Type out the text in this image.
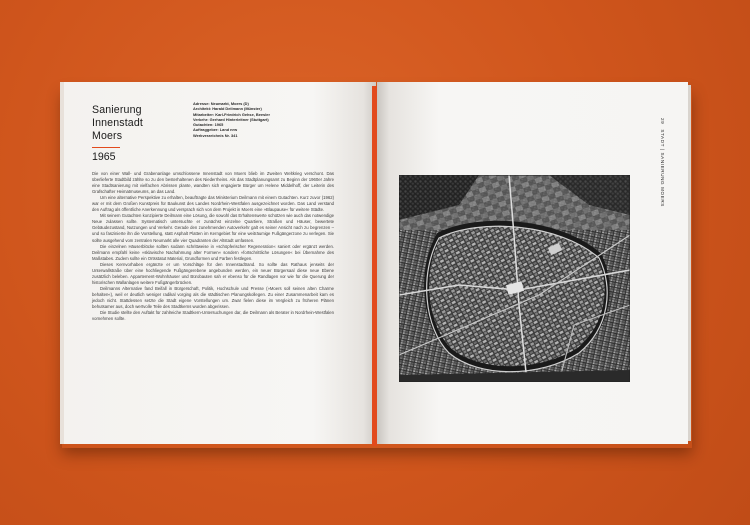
Sanierung
Innenstadt
Moers
1965
Adresse: Neumarkt, Moers (D)
Architekt: Harald Deilmann (Münster)
Mitarbeiter: Karl-Friedrich Gehse, Beesler
Verkehr: Gerhard Hinterleitner (Stuttgart)
Gutachten: 1965
Auftraggeber: Land nrw
Werkverzeichnis Nr. 341

Die von einer Wall- und Grabenanlage umschlossene Innenstadt von Moers blieb im Zweiten Weltkrieg verschont. Das überlieferte Stadtbild zählte so zu den besterhaltenen des Niederrheins. Als das Stadtplanungsamt zu Beginn der 1960er Jahre eine Stadtsanierung mit vielfachen Abrissen plante, wandten sich engagierte Bürger um Helene Middelhoff, der Leiterin des Grafschafter Heimatmuseums, an das Land.

Um eine alternative Perspektive zu erhalten, beauftragte das Ministerium Deilmann mit einem Gutachten. Kurz zuvor (1962) war er mit dem Großen Kunstpreis für Baukunst des Landes Nordrhein-Westfalen ausgezeichnet worden. Das Land verstand den Auftrag als öffentliche Anerkennung und versprach sich von dem Projekt in Moers eine »Blaupause« für weitere Städte.

Mit seinem Gutachten konzipierte Deilmann eine Lösung, die sowohl das Erhaltenswerte schützen wie auch das notwendige Neue zulassen sollte. Systematisch untersuchte er zunächst einzelne Quartiere, Straßen und Häuser, bewertete Gebäudezustand, Nutzungen und Verkehr. Gerade den zunehmenden Autoverkehr galt es seiner Ansicht nach zu begrenzen – und so faszinierte ihn die Vorstellung, statt Asphalt Platten im Kerngebiet für eine weiträumige Fußgängerzone zu verlegen. Sie sollte ausgehend vom zentralen Neumarkt alle vier Quadranten der Altstadt umfassen.

Die einzelnen Häuserblöcke sollten sodann schrittweise in »schöpferischer Regeneration« saniert oder ergänzt werden. Deilmann empfahl keine »sklavische Nachahmung alter Formen« sondern »fortschrittliche Lösungen« bei Übernahme des Maßstabes. Zudem sollte ein Ortsstatut Material, Grundformen und Farben festlegen.

Dieses Kernvorhaben ergänzte er um Vorschläge für den Innenstadtrand. So sollte das Rathaus jenseits der Unterwallstraße über eine hochliegende Fußgängerebene angebunden werden, ein neuer Bürgersaal diese neue Ebene zusätzlich beleben. Appartement-Wohnhäuser und Bürobauten sah er ebenso für die Randlagen vor wie für die Querung der historischen Wallanlagen weitere Fußgängerbrücken.

Deilmanns Alternative fand Beifall in Bürgerschaft, Politik, Hochschule und Presse (»Moers soll seinen alten Charme behalten«), weil er deutlich weniger radikal vorging als die städtischen Planungskollegen. Zu einer Zusammenarbeit kam es jedoch nicht. Stattdessen setzte die Stadt eigene Vorstellungen um. Zwar fielen diese im Vergleich zu früheren Plänen behutsamer aus, doch wertvolle Teile des Stadtkerns wurden abgerissen.

Die Studie stellte den Auftakt für zahlreiche Stadtkern-Untersuchungen dar, die Deilmann als Berater in Nordrhein-Westfalen vornehmen sollte.

29STADT | SANIERUNG MOERS
